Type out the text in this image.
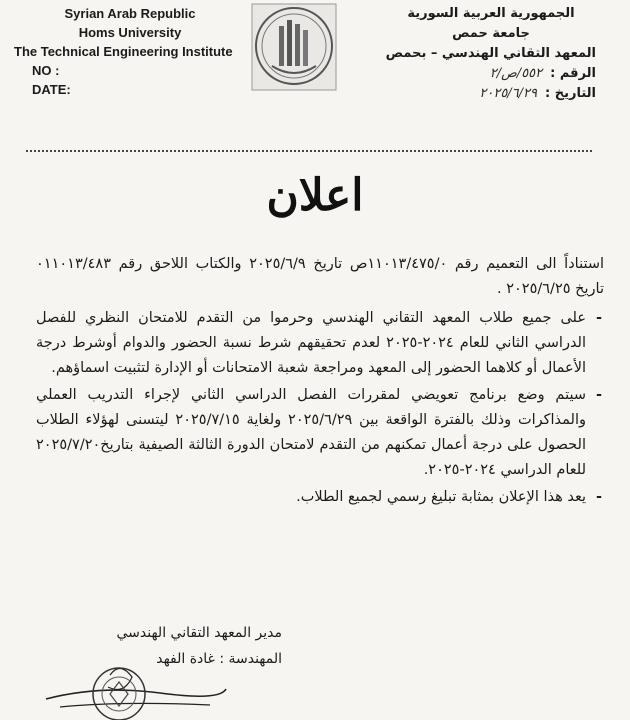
Syrian Arab Republic
Homs University
The Technical Engineering Institute
NO :
DATE:
الجمهورية العربية السورية
جامعة حمص
المعهد التقاني الهندسي – بحمص
الرقم :
٥٥٢/ص/٢
التاريخ :
٢٠٢٥/٦/٢٩
اعلان

استناداً الى التعميم رقم ١١٠١٣/٤٧٥/٠ص تاريخ ٢٠٢٥/٦/٩ والكتاب اللاحق رقم ٠١١٠١٣/٤٨٣ تاريخ ٢٠٢٥/٦/٢٥ .

- على جميع طلاب المعهد التقاني الهندسي وحرموا من التقدم للامتحان النظري للفصل الدراسي الثاني للعام ٢٠٢٤-٢٠٢٥ لعدم تحقيقهم شرط نسبة الحضور والدوام أوشرط درجة الأعمال أو كلاهما الحضور إلى المعهد ومراجعة شعبة الامتحانات أو الإدارة لتثبيت اسماؤهم.
- سيتم وضع برنامج تعويضي لمقررات الفصل الدراسي الثاني لإجراء التدريب العملي والمذاكرات وذلك بالفترة الواقعة بين ٢٠٢٥/٦/٢٩ ولغاية ٢٠٢٥/٧/١٥ ليتسنى لهؤلاء الطلاب الحصول على درجة أعمال تمكنهم من التقدم لامتحان الدورة الثالثة الصيفية بتاريخ٢٠٢٥/٧/٢٠ للعام الدراسي ٢٠٢٤-٢٠٢٥.
- يعد هذا الإعلان بمثابة تبليغ رسمي لجميع الطلاب.
مدير المعهد التقاني الهندسي
المهندسة : غادة الفهد
